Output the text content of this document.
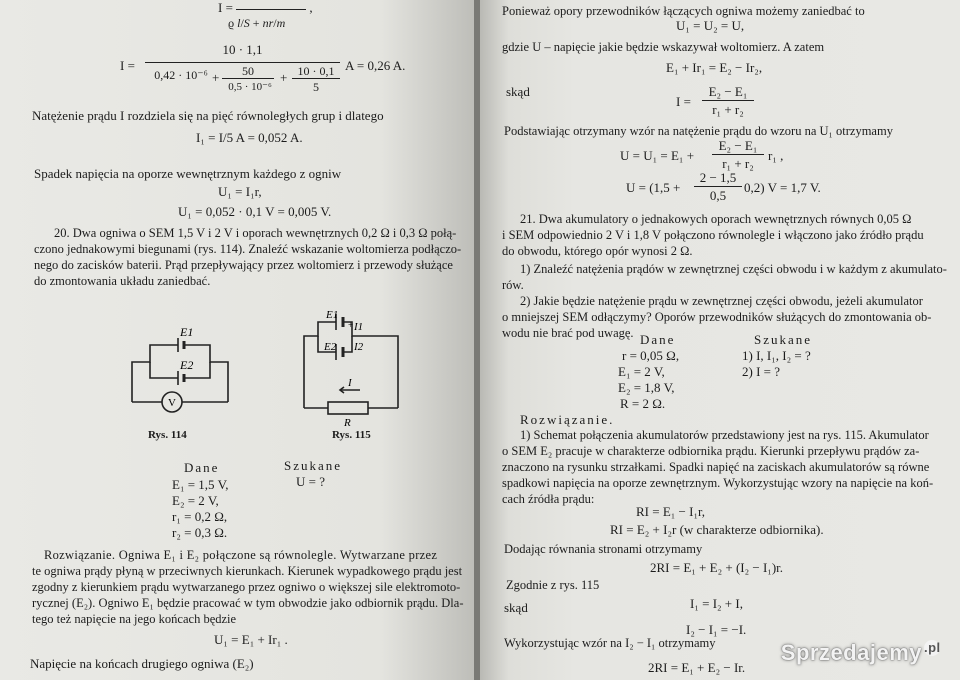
I =	,
ϱ l/S + nr/m
I =
10 · 1,1
0,42 · 10⁻⁶ +	50
0,5 · 10⁻⁶
+ 10 · 0,1
5
A = 0,26 A.
Natężenie prądu I rozdziela się na pięć równoległych grup i dlatego
I₁ = I/5 A = 0,052 A.
Spadek napięcia na oporze wewnętrznym każdego z ogniw
U₁ = I₁r,
U₁ = 0,052 · 0,1 V = 0,005 V.
20. Dwa ogniwa o SEM 1,5 V i 2 V i oporach wewnętrznych 0,2 Ω i 0,3 Ω połą-
czono jednakowymi biegunami (rys. 114). Znaleźć wskazanie woltomierza podłączo-
nego do zacisków baterii. Prąd przepływający przez woltomierz i przewody służące
do zmontowania układu zaniedbać.
E1
E2
V
Rys. 114
E1
E2
I1
I2
I
R
+
Rys. 115
Dane	Szukane
E₁ = 1,5 V,
E₂ = 2 V,
r₁ = 0,2 Ω,
r₂ = 0,3 Ω.
U = ?
Rozwiązanie. Ogniwa E₁ i E₂ połączone są równolegle. Wytwarzane przez
te ogniwa prądy płyną w przeciwnych kierunkach. Kierunek wypadkowego prądu jest
zgodny z kierunkiem prądu wytwarzanego przez ogniwo o większej sile elektromoto-
rycznej (E₂). Ogniwo E₁ będzie pracować w tym obwodzie jako odbiornik prądu. Dla-
tego też napięcie na jego końcach będzie
U₁ = E₁ + Ir₁ .
Napięcie na końcach drugiego ogniwa (E₂)
Ponieważ opory przewodników łączących ogniwa możemy zaniedbać to
U₁ = U₂ = U,
gdzie U – napięcie jakie będzie wskazywał woltomierz. A zatem
E₁ + Ir₁ = E₂ − Ir₂,
skąd
I =
E₂ − E₁
r₁ + r₂
Podstawiając otrzymany wzór na natężenie prądu do wzoru na U₁ otrzymamy
U = U₁ = E₁ +
E₂ − E₁
r₁ + r₂
r₁ ,
U = (1,5 +
2 − 1,5
0,5
0,2) V = 1,7 V.
21. Dwa akumulatory o jednakowych oporach wewnętrznych równych 0,05 Ω
i SEM odpowiednio 2 V i 1,8 V połączono równolegle i włączono jako źródło prądu
do obwodu, którego opór wynosi 2 Ω.
1) Znaleźć natężenia prądów w zewnętrznej części obwodu i w każdym z akumulato-
rów.
2) Jakie będzie natężenie prądu w zewnętrznej części obwodu, jeżeli akumulator
o mniejszej SEM odłączymy? Oporów przewodników służących do zmontowania ob-
wodu nie brać pod uwagę. Dane	Szukane
r = 0,05 Ω,
E₁ = 2 V,
E₂ = 1,8 V,
R = 2 Ω.
1) I, I₁, I₂ = ?
2) I = ?
Rozwiązanie.
1) Schemat połączenia akumulatorów przedstawiony jest na rys. 115. Akumulator
o SEM E₂ pracuje w charakterze odbiornika prądu. Kierunki przepływu prądów za-
znaczono na rysunku strzałkami. Spadki napięć na zaciskach akumulatorów są równe
spadkowi napięcia na oporze zewnętrznym. Wykorzystując wzory na napięcie na koń-
cach źródła prądu:
RI = E₁ − I₁r,
RI = E₂ + I₂r (w charakterze odbiornika).
Dodając równania stronami otrzymamy
2RI = E₁ + E₂ + (I₂ − I₁)r.
Zgodnie z rys. 115
I₁ = I₂ + I,
skąd
I₂ − I₁ = −I.
Wykorzystując wzór na I₂ − I₁ otrzymamy
2RI = E₁ + E₂ − Ir.
Sprzedajemy .pl
